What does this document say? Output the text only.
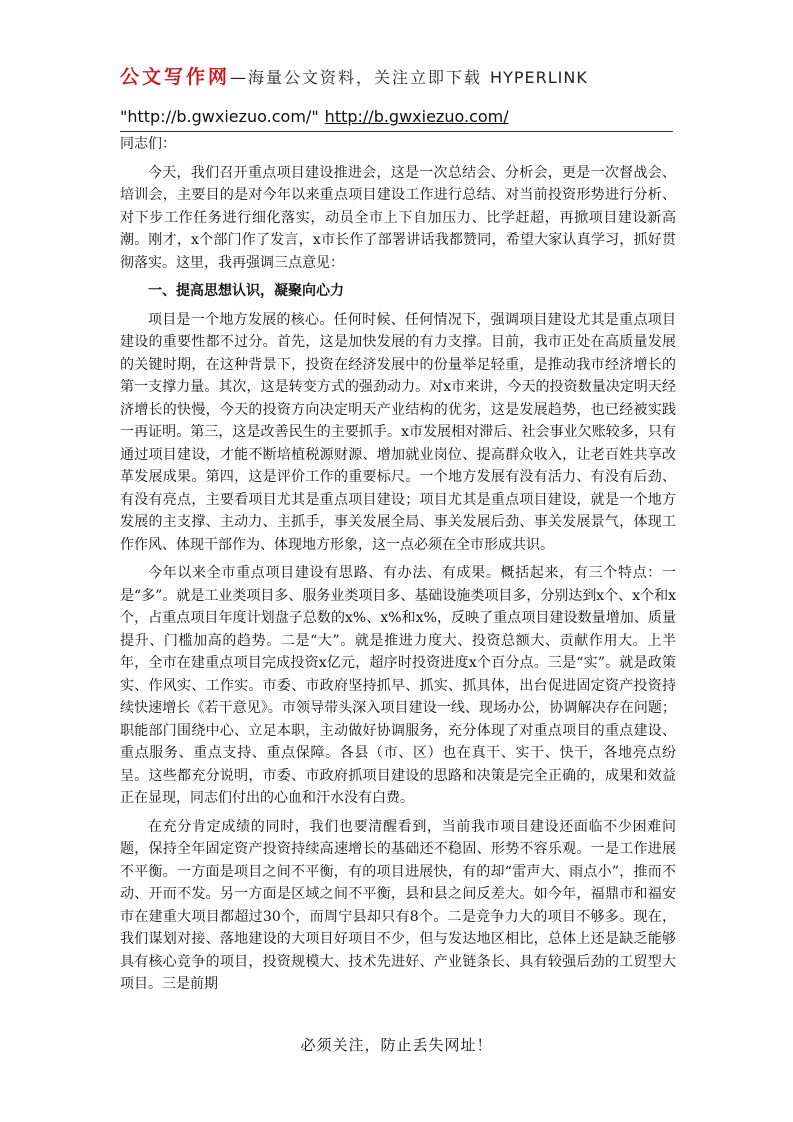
公文写作网—海量公文资料，关注立即下载 HYPERLINK
"http://b.gwxiezuo.com/" http://b.gwxiezuo.com/

同志们：

今天，我们召开重点项目建设推进会，这是一次总结会、分析会，更是一次督战会、培训会，主要目的是对今年以来重点项目建设工作进行总结、对当前投资形势进行分析、对下步工作任务进行细化落实，动员全市上下自加压力、比学赶超，再掀项目建设新高潮。刚才，x个部门作了发言，x市长作了部署讲话我都赞同，希望大家认真学习，抓好贯彻落实。这里，我再强调三点意见：

一、提高思想认识，凝聚向心力

项目是一个地方发展的核心。任何时候、任何情况下，强调项目建设尤其是重点项目建设的重要性都不过分。首先，这是加快发展的有力支撑。目前，我市正处在高质量发展的关键时期，在这种背景下，投资在经济发展中的份量举足轻重，是推动我市经济增长的第一支撑力量。其次，这是转变方式的强劲动力。对x市来讲，今天的投资数量决定明天经济增长的快慢，今天的投资方向决定明天产业结构的优劣，这是发展趋势，也已经被实践一再证明。第三，这是改善民生的主要抓手。x市发展相对滞后、社会事业欠账较多，只有通过项目建设，才能不断培植税源财源、增加就业岗位、提高群众收入，让老百姓共享改革发展成果。第四，这是评价工作的重要标尺。一个地方发展有没有活力、有没有后劲、有没有亮点，主要看项目尤其是重点项目建设；项目尤其是重点项目建设，就是一个地方发展的主支撑、主动力、主抓手，事关发展全局、事关发展后劲、事关发展景气，体现工作作风、体现干部作为、体现地方形象，这一点必须在全市形成共识。

今年以来全市重点项目建设有思路、有办法、有成果。概括起来，有三个特点：一是“多”。就是工业类项目多、服务业类项目多、基础设施类项目多，分别达到x个、x个和x个，占重点项目年度计划盘子总数的x%、x%和x%，反映了重点项目建设数量增加、质量提升、门槛加高的趋势。二是“大”。就是推进力度大、投资总额大、贡献作用大。上半年，全市在建重点项目完成投资x亿元，超序时投资进度x个百分点。三是“实”。就是政策实、作风实、工作实。市委、市政府坚持抓早、抓实、抓具体，出台促进固定资产投资持续快速增长《若干意见》。市领导带头深入项目建设一线、现场办公，协调解决存在问题；职能部门围绕中心、立足本职，主动做好协调服务，充分体现了对重点项目的重点建设、重点服务、重点支持、重点保障。各县（市、区）也在真干、实干、快干，各地亮点纷呈。这些都充分说明，市委、市政府抓项目建设的思路和决策是完全正确的，成果和效益正在显现，同志们付出的心血和汗水没有白费。

在充分肯定成绩的同时，我们也要清醒看到，当前我市项目建设还面临不少困难问题，保持全年固定资产投资持续高速增长的基础还不稳固、形势不容乐观。一是工作进展不平衡。一方面是项目之间不平衡，有的项目进展快，有的却“雷声大、雨点小”，推而不动、开而不发。另一方面是区域之间不平衡，县和县之间反差大。如今年，福鼎市和福安市在建重大项目都超过30个，而周宁县却只有8个。二是竞争力大的项目不够多。现在，我们谋划对接、落地建设的大项目好项目不少，但与发达地区相比，总体上还是缺乏能够具有核心竞争的项目，投资规模大、技术先进好、产业链条长、具有较强后劲的工贸型大项目。三是前期

必须关注，防止丢失网址！
